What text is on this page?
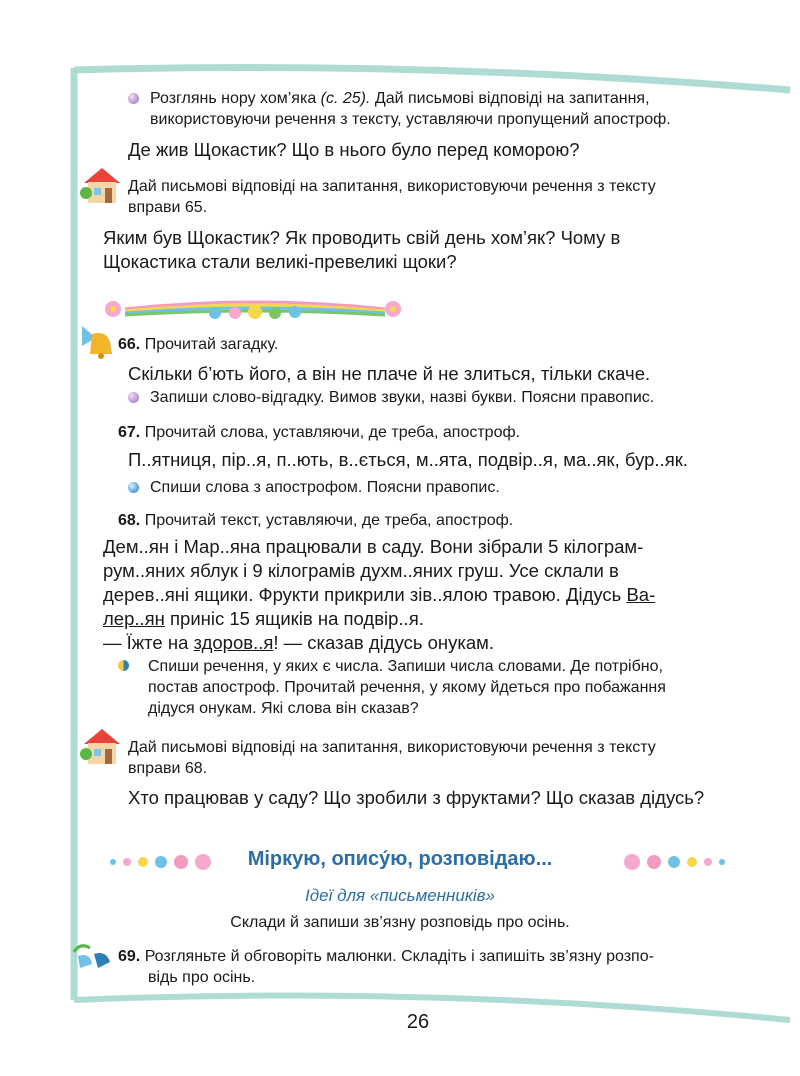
Розглянь нору хом’яка (с. 25). Дай письмові відповіді на запитання,
використовуючи речення з тексту, уставляючи пропущений апостроф.
Де жив Щокастик? Що в нього було перед коморою?
Дай письмові відповіді на запитання, використовуючи речення з тексту
вправи 65.
Яким був Щокастик? Як проводить свій день хом’як? Чому в
Щокастика стали великі-превеликі щоки?
66. Прочитай загадку.
Скільки б’ють його, а він не плаче й не злиться, тільки скаче.
Запиши слово-відгадку. Вимов звуки, назві букви. Поясни правопис.
67. Прочитай слова, уставляючи, де треба, апостроф.
П..ятниця, пір..я, п..ють, в..ється, м..ята, подвір..я, ма..як, бур..як.
Спиши слова з апострофом. Поясни правопис.
68. Прочитай текст, уставляючи, де треба, апостроф.
Дем..ян і Мар..яна працювали в саду. Вони зібрали 5 кілограм-
рум..яних яблук і 9 кілограмів духм..яних груш. Усе склали в
дерев..яні ящики. Фрукти прикрили зів..ялою травою. Дідусь Ва-
лер..ян приніс 15 ящиків на подвір..я.
— Їжте на здоров..я! — сказав дідусь онукам.
Спиши речення, у яких є числа. Запиши числа словами. Де потрібно,
постав апостроф. Прочитай речення, у якому йдеться про побажання
дідуся онукам. Які слова він сказав?
Дай письмові відповіді на запитання, використовуючи речення з тексту
вправи 68.
Хто працював у саду? Що зробили з фруктами? Що сказав дідусь?
Міркую, опису́ю, розповідаю...
Ідеї для «письменників»
Склади й запиши зв’язну розповідь про осінь.
69. Розгляньте й обговоріть малюнки. Складіть і запишіть зв’язну розпо-
відь про осінь.
26
